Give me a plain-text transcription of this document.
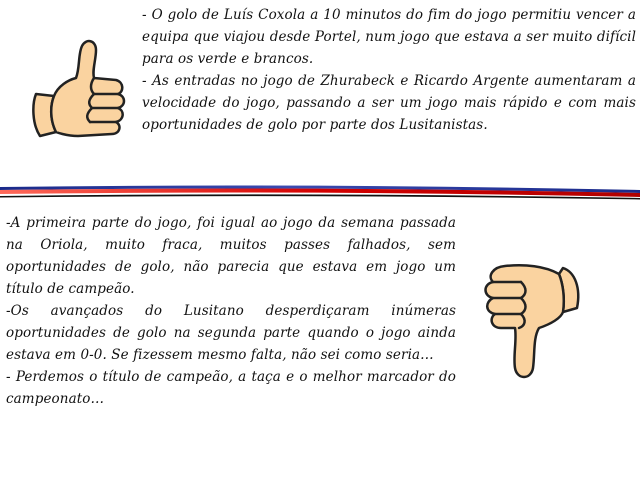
- O golo de Luís Coxola a 10 minutos do fim do jogo permitiu vencer a equipa que viajou desde Portel, num jogo que estava a ser muito difícil para os verde e brancos.

- As entradas no jogo de Zhurabeck e Ricardo Argente aumentaram a velocidade do jogo, passando a ser um jogo mais rápido e com mais oportunidades de golo por parte dos Lusitanistas.

-A primeira parte do jogo, foi igual ao jogo da semana passada na Oriola, muito fraca, muitos passes falhados, sem oportunidades de golo, não parecia que estava em jogo um título de campeão.

-Os avançados do Lusitano desperdiçaram inúmeras oportunidades de golo na segunda parte quando o jogo ainda estava em 0-0. Se fizessem mesmo falta, não sei como seria…

- Perdemos o título de campeão, a taça e o melhor marcador do campeonato…
